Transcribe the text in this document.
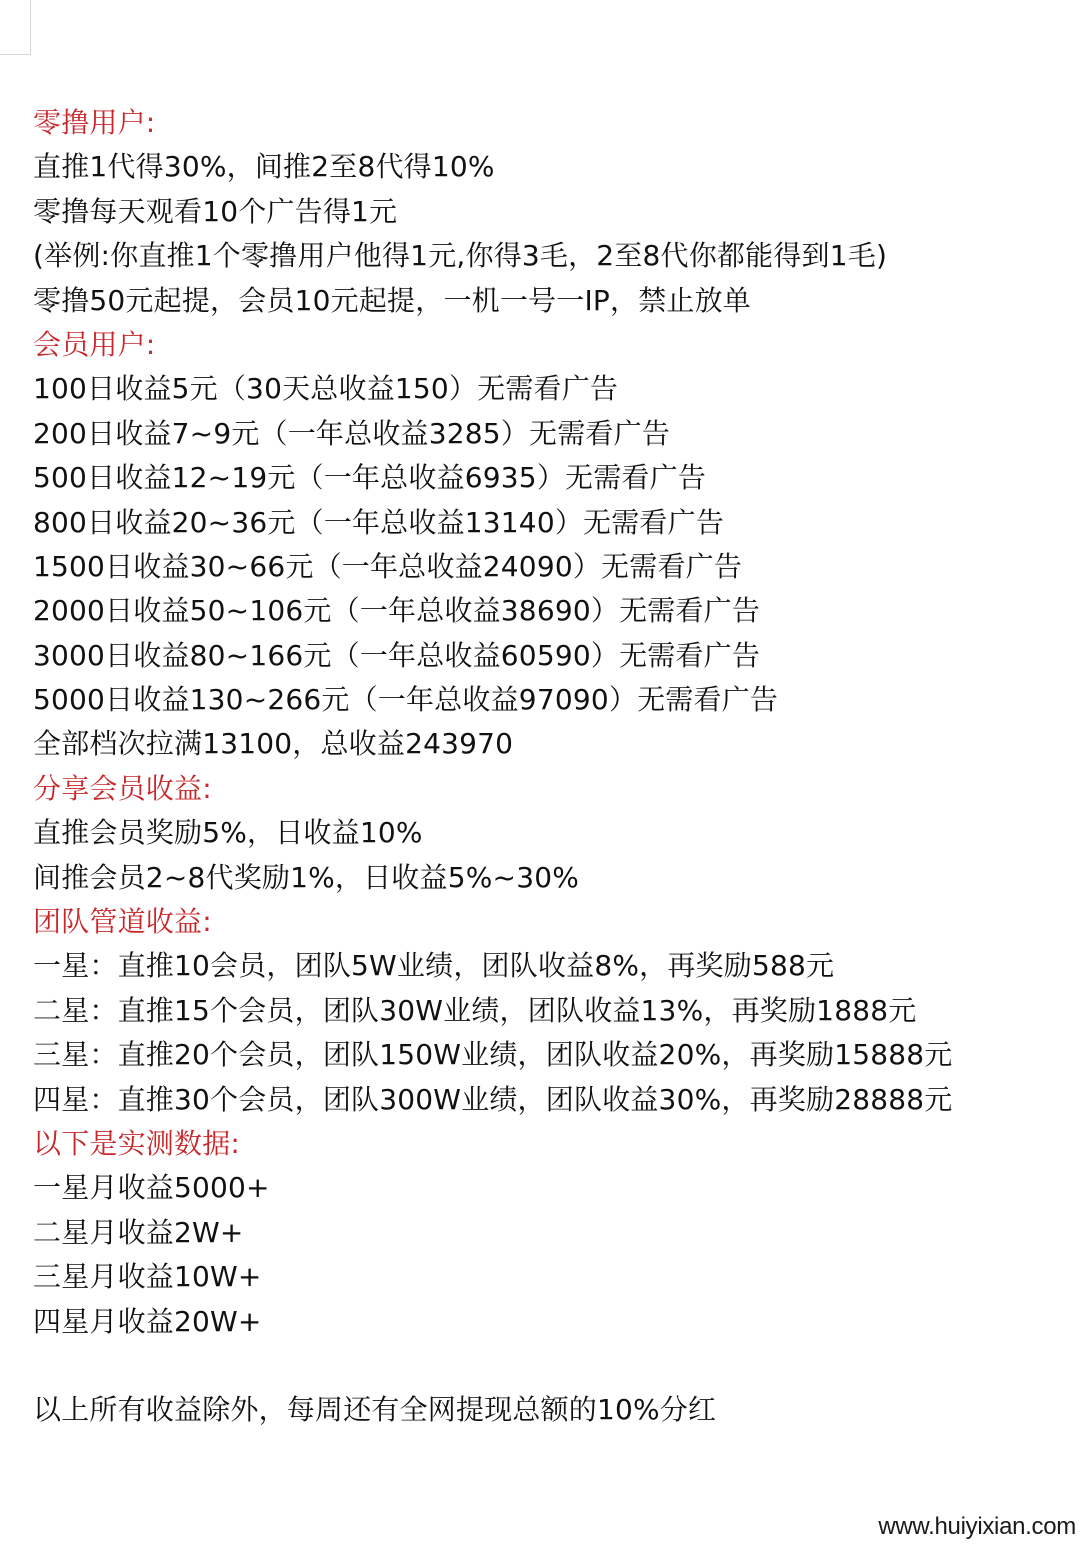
零撸用户:
直推1代得30%，间推2至8代得10%
零撸每天观看10个广告得1元
(举例:你直推1个零撸用户他得1元,你得3毛，2至8代你都能得到1毛)
零撸50元起提，会员10元起提，一机一号一IP，禁止放单
会员用户:
100日收益5元（30天总收益150）无需看广告
200日收益7~9元（一年总收益3285）无需看广告
500日收益12~19元（一年总收益6935）无需看广告
800日收益20~36元（一年总收益13140）无需看广告
1500日收益30~66元（一年总收益24090）无需看广告
2000日收益50~106元（一年总收益38690）无需看广告
3000日收益80~166元（一年总收益60590）无需看广告
5000日收益130~266元（一年总收益97090）无需看广告
全部档次拉满13100，总收益243970
分享会员收益:
直推会员奖励5%，日收益10%
间推会员2~8代奖励1%，日收益5%~30%
团队管道收益:
一星：直推10会员，团队5W业绩，团队收益8%，再奖励588元
二星：直推15个会员，团队30W业绩，团队收益13%，再奖励1888元
三星：直推20个会员，团队150W业绩，团队收益20%，再奖励15888元
四星：直推30个会员，团队300W业绩，团队收益30%，再奖励28888元
以下是实测数据:
一星月收益5000+
二星月收益2W+
三星月收益10W+
四星月收益20W+
以上所有收益除外，每周还有全网提现总额的10%分红
www.huiyixian.com
